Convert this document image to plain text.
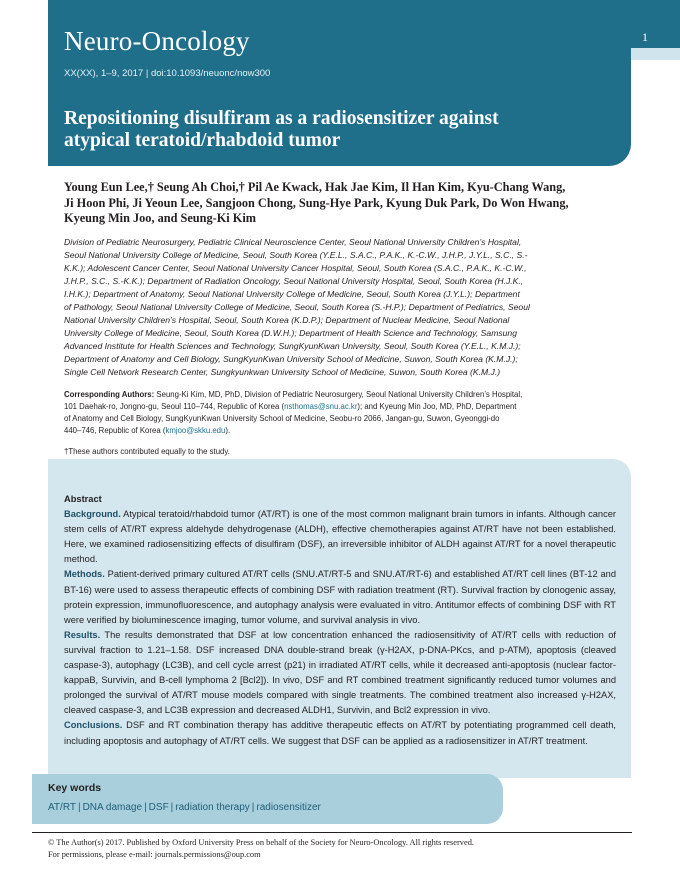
1
Neuro-Oncology
XX(XX), 1–9, 2017 | doi:10.1093/neuonc/now300
Repositioning disulfiram as a radiosensitizer against
atypical teratoid/rhabdoid tumor
Young Eun Lee,† Seung Ah Choi,† Pil Ae Kwack, Hak Jae Kim, Il Han Kim, Kyu-Chang Wang,
Ji Hoon Phi, Ji Yeoun Lee, Sangjoon Chong, Sung-Hye Park, Kyung Duk Park, Do Won Hwang,
Kyeung Min Joo, and Seung-Ki Kim
Division of Pediatric Neurosurgery, Pediatric Clinical Neuroscience Center, Seoul National University Children’s Hospital,
Seoul National University College of Medicine, Seoul, South Korea (Y.E.L., S.A.C., P.A.K., K.-C.W., J.H.P., J.Y.L., S.C., S.-
K.K.); Adolescent Cancer Center, Seoul National University Cancer Hospital, Seoul, South Korea (S.A.C., P.A.K., K.-C.W.,
J.H.P., S.C., S.-K.K.); Department of Radiation Oncology, Seoul National University Hospital, Seoul, South Korea (H.J.K.,
I.H.K.); Department of Anatomy, Seoul National University College of Medicine, Seoul, South Korea (J.Y.L.); Department
of Pathology, Seoul National University College of Medicine, Seoul, South Korea (S.-H.P.); Department of Pediatrics, Seoul
National University Children’s Hospital, Seoul, South Korea (K.D.P.); Department of Nuclear Medicine, Seoul National
University College of Medicine, Seoul, South Korea (D.W.H.); Department of Health Science and Technology, Samsung
Advanced Institute for Health Sciences and Technology, SungKyunKwan University, Seoul, South Korea (Y.E.L., K.M.J.);
Department of Anatomy and Cell Biology, SungKyunKwan University School of Medicine, Suwon, South Korea (K.M.J.);
Single Cell Network Research Center, Sungkyunkwan University School of Medicine, Suwon, South Korea (K.M.J.)
Corresponding Authors: Seung-Ki Kim, MD, PhD, Division of Pediatric Neurosurgery, Seoul National University Children’s Hospital,
101 Daehak-ro, Jongno-gu, Seoul 110–744, Republic of Korea (nsthomas@snu.ac.kr); and Kyeung Min Joo, MD, PhD, Department
of Anatomy and Cell Biology, SungKyunKwan University School of Medicine, Seobu-ro 2066, Jangan-gu, Suwon, Gyeonggi-do
440–746, Republic of Korea (kmjoo@skku.edu).
†These authors contributed equally to the study.
Abstract

Background. Atypical teratoid/rhabdoid tumor (AT/RT) is one of the most common malignant brain tumors in infants. Although cancer stem cells of AT/RT express aldehyde dehydrogenase (ALDH), effective chemotherapies against AT/RT have not been established. Here, we examined radiosensitizing effects of disulfiram (DSF), an irreversible inhibitor of ALDH against AT/RT for a novel therapeutic method.

Methods. Patient-derived primary cultured AT/RT cells (SNU.AT/RT-5 and SNU.AT/RT-6) and established AT/RT cell lines (BT-12 and BT-16) were used to assess therapeutic effects of combining DSF with radiation treatment (RT). Survival fraction by clonogenic assay, protein expression, immunofluorescence, and autophagy analysis were evaluated in vitro. Antitumor effects of combining DSF with RT were verified by bioluminescence imaging, tumor volume, and survival analysis in vivo.

Results. The results demonstrated that DSF at low concentration enhanced the radiosensitivity of AT/RT cells with reduction of survival fraction to 1.21–1.58. DSF increased DNA double-strand break (γ-H2AX, p-DNA-PKcs, and p-ATM), apoptosis (cleaved caspase-3), autophagy (LC3B), and cell cycle arrest (p21) in irradiated AT/RT cells, while it decreased anti-apoptosis (nuclear factor-kappaB, Survivin, and B-cell lymphoma 2 [Bcl2]). In vivo, DSF and RT combined treatment significantly reduced tumor volumes and prolonged the survival of AT/RT mouse models compared with single treatments. The combined treatment also increased γ-H2AX, cleaved caspase-3, and LC3B expression and decreased ALDH1, Survivin, and Bcl2 expression in vivo.

Conclusions. DSF and RT combination therapy has additive therapeutic effects on AT/RT by potentiating programmed cell death, including apoptosis and autophagy of AT/RT cells. We suggest that DSF can be applied as a radiosensitizer in AT/RT treatment.

Key words
AT/RT | DNA damage | DSF | radiation therapy | radiosensitizer
© The Author(s) 2017. Published by Oxford University Press on behalf of the Society for Neuro-Oncology. All rights reserved.
For permissions, please e-mail: journals.permissions@oup.com
